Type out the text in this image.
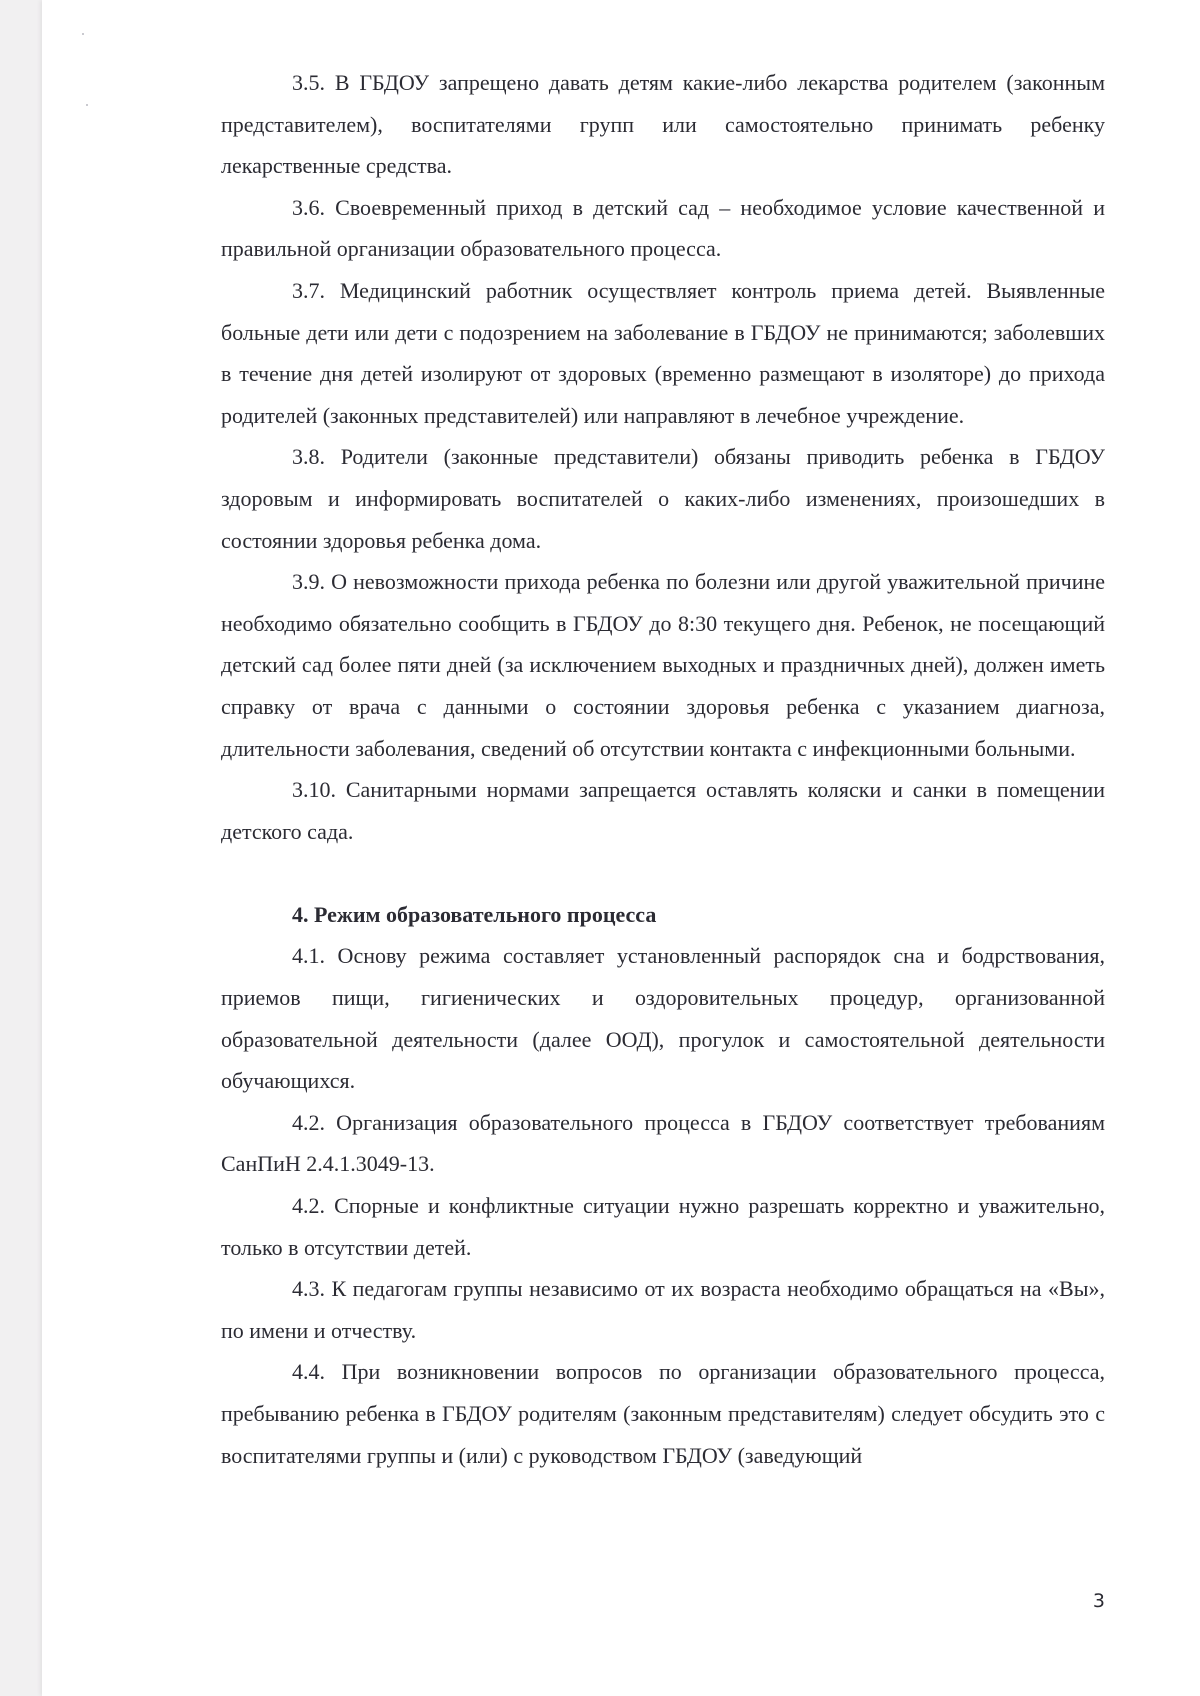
3.5. В ГБДОУ запрещено давать детям какие-либо лекарства родителем (законным представителем), воспитателями групп или самостоятельно принимать ребенку лекарственные средства.

3.6. Своевременный приход в детский сад – необходимое условие качественной и правильной организации образовательного процесса.

3.7. Медицинский работник осуществляет контроль приема детей. Выявленные больные дети или дети с подозрением на заболевание в ГБДОУ не принимаются; заболевших в течение дня детей изолируют от здоровых (временно размещают в изоляторе) до прихода родителей (законных представителей) или направляют в лечебное учреждение.

3.8. Родители (законные представители) обязаны приводить ребенка в ГБДОУ здоровым и информировать воспитателей о каких-либо изменениях, произошедших в состоянии здоровья ребенка дома.

3.9. О невозможности прихода ребенка по болезни или другой уважительной причине необходимо обязательно сообщить в ГБДОУ до 8:30 текущего дня. Ребенок, не посещающий детский сад более пяти дней (за исключением выходных и праздничных дней), должен иметь справку от врача с данными о состоянии здоровья ребенка с указанием диагноза, длительности заболевания, сведений об отсутствии контакта с инфекционными больными.

3.10. Санитарными нормами запрещается оставлять коляски и санки в помещении детского сада.

4. Режим образовательного процесса

4.1. Основу режима составляет установленный распорядок сна и бодрствования, приемов пищи, гигиенических и оздоровительных процедур, организованной образовательной деятельности (далее ООД), прогулок и самостоятельной деятельности обучающихся.

4.2. Организация образовательного процесса в ГБДОУ соответствует требованиям СанПиН 2.4.1.3049-13.

4.2. Спорные и конфликтные ситуации нужно разрешать корректно и уважительно, только в отсутствии детей.

4.3. К педагогам группы независимо от их возраста необходимо обращаться на «Вы», по имени и отчеству.

4.4. При возникновении вопросов по организации образовательного процесса, пребыванию ребенка в ГБДОУ родителям (законным представителям) следует обсудить это с воспитателями группы и (или) с руководством ГБДОУ (заведующий

3
